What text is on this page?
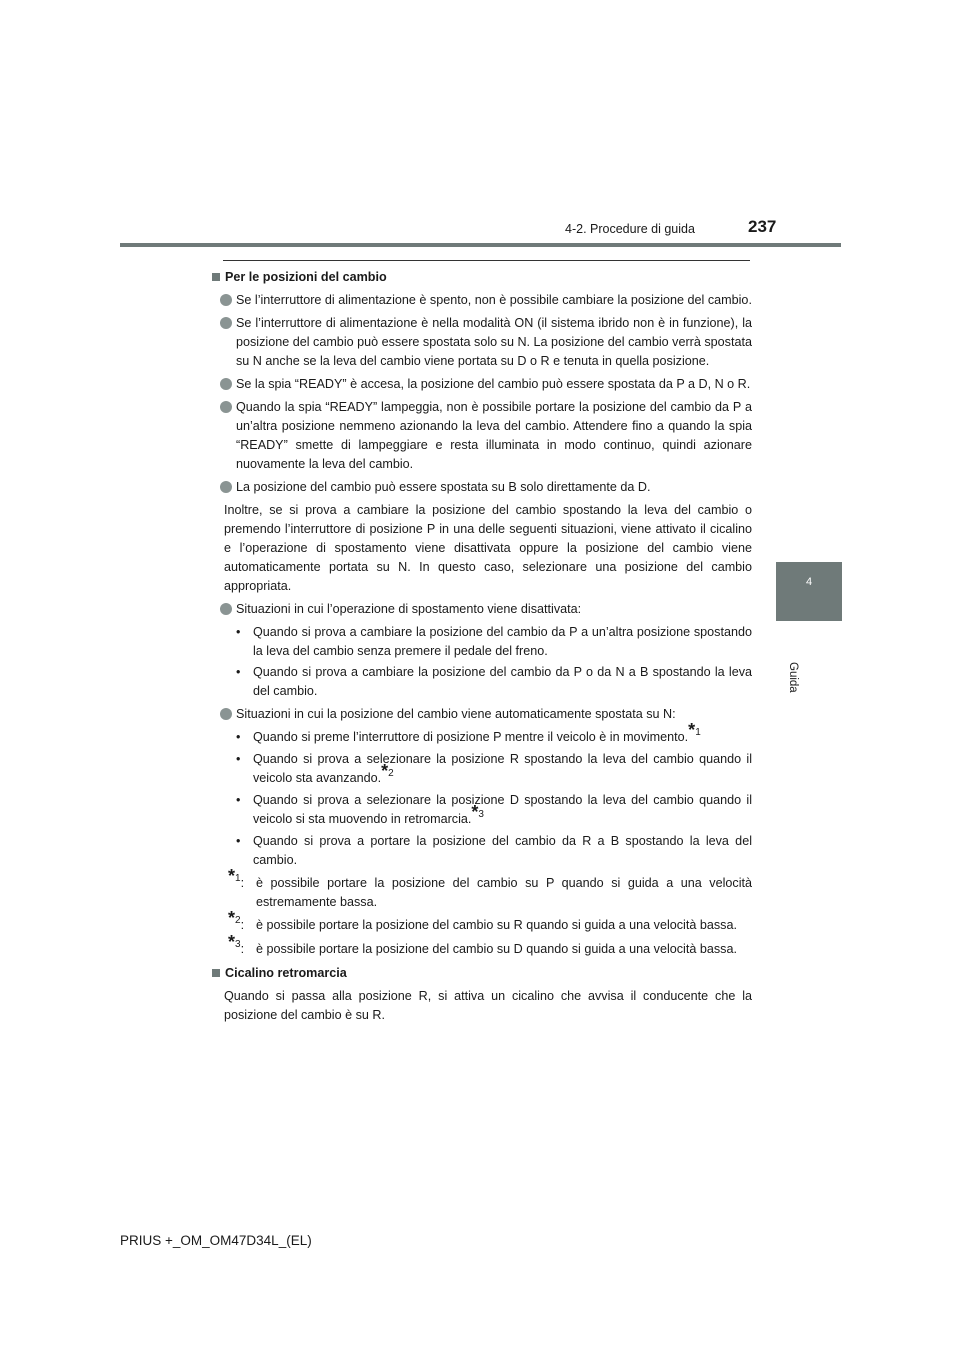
4-2. Procedure di guida	237
4
Guida
Per le posizioni del cambio
Se l’interruttore di alimentazione è spento, non è possibile cambiare la posizione del cambio.
Se l’interruttore di alimentazione è nella modalità ON (il sistema ibrido non è in funzione), la posizione del cambio può essere spostata solo su N. La posizione del cambio verrà spostata su N anche se la leva del cambio viene portata su D o R e tenuta in quella posizione.
Se la spia “READY” è accesa, la posizione del cambio può essere spostata da P a D, N o R.
Quando la spia “READY” lampeggia, non è possibile portare la posizione del cambio da P a un’altra posizione nemmeno azionando la leva del cambio. Attendere fino a quando la spia “READY” smette di lampeggiare e resta illuminata in modo continuo, quindi azionare nuovamente la leva del cambio.
La posizione del cambio può essere spostata su B solo direttamente da D.
Inoltre, se si prova a cambiare la posizione del cambio spostando la leva del cambio o premendo l’interruttore di posizione P in una delle seguenti situazioni, viene attivato il cicalino e l’operazione di spostamento viene disattivata oppure la posizione del cambio viene automaticamente portata su N. In questo caso, selezionare una posizione del cambio appropriata.
Situazioni in cui l’operazione di spostamento viene disattivata:
• Quando si prova a cambiare la posizione del cambio da P a un’altra posizione spostando la leva del cambio senza premere il pedale del freno.
• Quando si prova a cambiare la posizione del cambio da P o da N a B spostando la leva del cambio.
Situazioni in cui la posizione del cambio viene automaticamente spostata su N:
• Quando si preme l’interruttore di posizione P mentre il veicolo è in movimento.*$^1$
• Quando si prova a selezionare la posizione R spostando la leva del cambio quando il veicolo sta avanzando.*$^2$
• Quando si prova a selezionare la posizione D spostando la leva del cambio quando il veicolo si sta muovendo in retromarcia.*$^3$
• Quando si prova a portare la posizione del cambio da R a B spostando la leva del cambio.
*$^1$: è possibile portare la posizione del cambio su P quando si guida a una velocità estremamente bassa.
*$^2$: è possibile portare la posizione del cambio su R quando si guida a una velocità bassa.
*$^3$: è possibile portare la posizione del cambio su D quando si guida a una velocità bassa.
Cicalino retromarcia
Quando si passa alla posizione R, si attiva un cicalino che avvisa il conducente che la posizione del cambio è su R.
PRIUS +_OM_OM47D34L_(EL)
